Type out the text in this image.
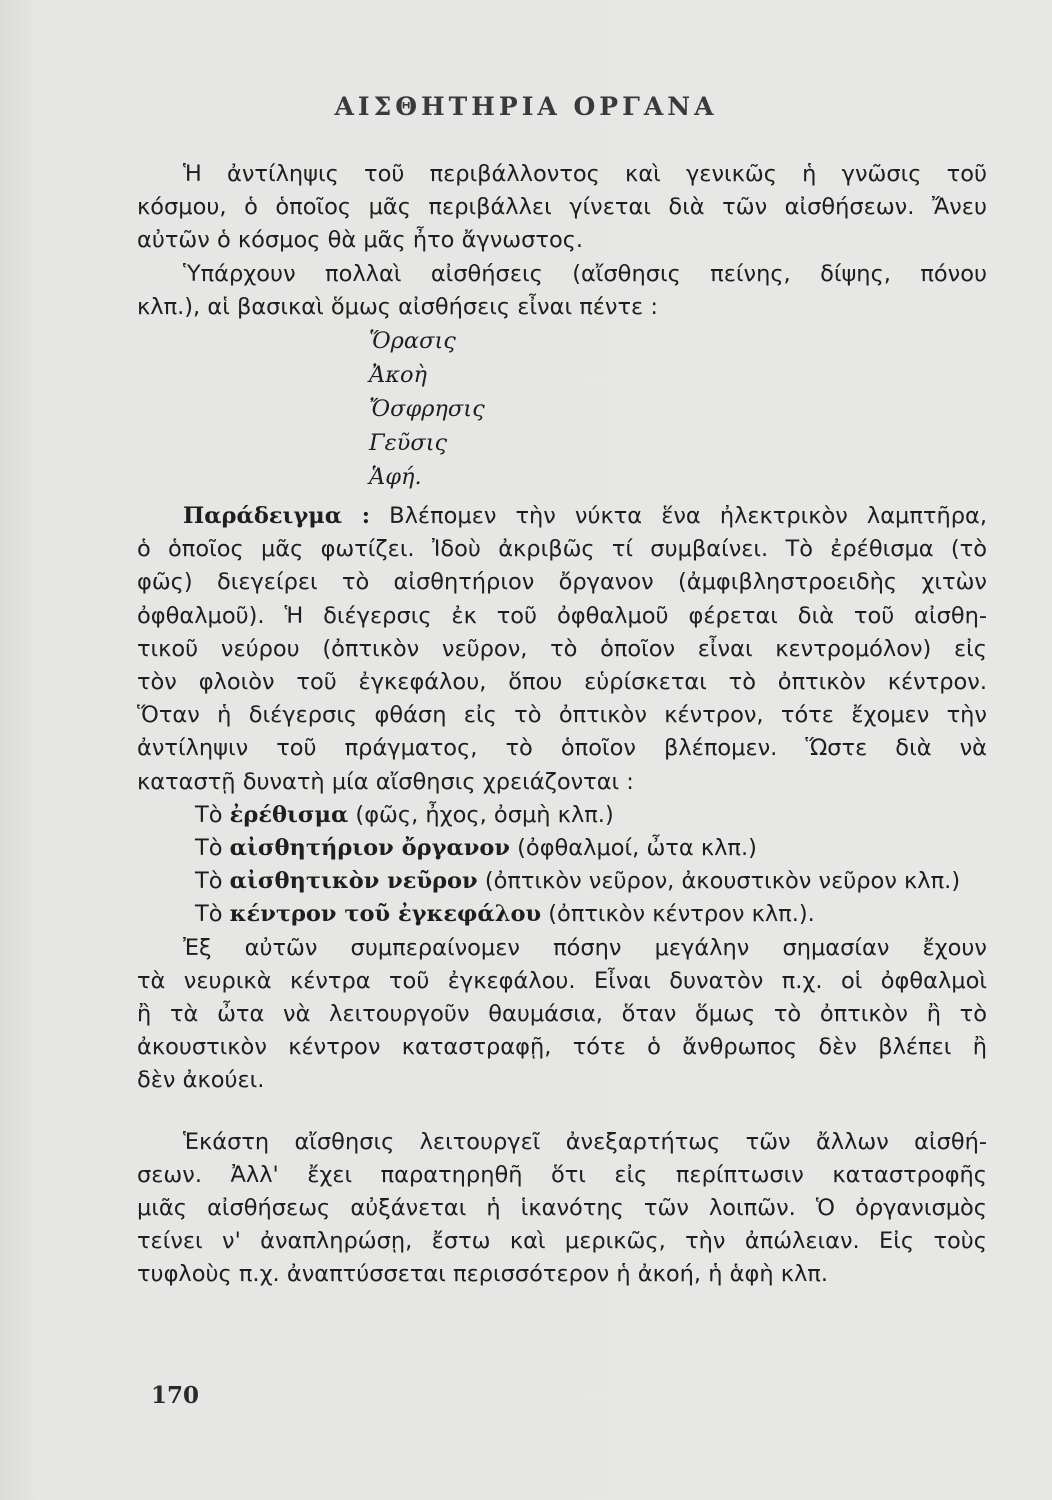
ΑΙΣΘΗΤΗΡΙΑ ΟΡΓΑΝΑ

Ἡ ἀντίληψις τοῦ περιβάλλοντος καὶ γενικῶς ἡ γνῶσις τοῦ

κόσμου, ὁ ὁποῖος μᾶς περιβάλλει γίνεται διὰ τῶν αἰσθήσεων. Ἄνευ

αὐτῶν ὁ κόσμος θὰ μᾶς ἦτο ἄγνωστος.

Ὑπάρχουν πολλαὶ αἰσθήσεις (αἴσθησις πείνης, δίψης, πόνου

κλπ.), αἱ βασικαὶ ὅμως αἰσθήσεις εἶναι πέντε :

Ὅρασις
Ἀκοὴ
Ὄσφρησις
Γεῦσις
Ἁφή.

Παράδειγμα : Βλέπομεν τὴν νύκτα ἕνα ἠλεκτρικὸν λαμπτῆρα,

ὁ ὁποῖος μᾶς φωτίζει. Ἰδοὺ ἀκριβῶς τί συμβαίνει. Τὸ ἐρέθισμα (τὸ

φῶς) διεγείρει τὸ αἰσθητήριον ὄργανον (ἀμφιβληστροειδὴς χιτὼν

ὀφθαλμοῦ). Ἡ διέγερσις ἐκ τοῦ ὀφθαλμοῦ φέρεται διὰ τοῦ αἰσθη-

τικοῦ νεύρου (ὀπτικὸν νεῦρον, τὸ ὁποῖον εἶναι κεντρομόλον) εἰς

τὸν φλοιὸν τοῦ ἐγκεφάλου, ὅπου εὑρίσκεται τὸ ὀπτικὸν κέντρον.

Ὅταν ἡ διέγερσις φθάση εἰς τὸ ὀπτικὸν κέντρον, τότε ἔχομεν τὴν

ἀντίληψιν τοῦ πράγματος, τὸ ὁποῖον βλέπομεν. Ὥστε διὰ νὰ

καταστῇ δυνατὴ μία αἴσθησις χρειάζονται :

Τὸ ἐρέθισμα (φῶς, ἦχος, ὀσμὴ κλπ.)

Τὸ αἰσθητήριον ὄργανον (ὀφθαλμοί, ὦτα κλπ.)

Τὸ αἰσθητικὸν νεῦρον (ὀπτικὸν νεῦρον, ἀκουστικὸν νεῦρον κλπ.)

Τὸ κέντρον τοῦ ἐγκεφάλου (ὀπτικὸν κέντρον κλπ.).

Ἐξ αὐτῶν συμπεραίνομεν πόσην μεγάλην σημασίαν ἔχουν

τὰ νευρικὰ κέντρα τοῦ ἐγκεφάλου. Εἶναι δυνατὸν π.χ. οἱ ὀφθαλμοὶ

ἢ τὰ ὦτα νὰ λειτουργοῦν θαυμάσια, ὅταν ὅμως τὸ ὀπτικὸν ἢ τὸ

ἀκουστικὸν κέντρον καταστραφῇ, τότε ὁ ἄνθρωπος δὲν βλέπει ἢ

δὲν ἀκούει.

Ἑκάστη αἴσθησις λειτουργεῖ ἀνεξαρτήτως τῶν ἄλλων αἰσθή-

σεων. Ἀλλ' ἔχει παρατηρηθῆ ὅτι εἰς περίπτωσιν καταστροφῆς

μιᾶς αἰσθήσεως αὐξάνεται ἡ ἱκανότης τῶν λοιπῶν. Ὁ ὀργανισμὸς

τείνει ν' ἀναπληρώσῃ, ἔστω καὶ μερικῶς, τὴν ἀπώλειαν. Εἰς τοὺς

τυφλοὺς π.χ. ἀναπτύσσεται περισσότερον ἡ ἀκοή, ἡ ἁφὴ κλπ.

170
